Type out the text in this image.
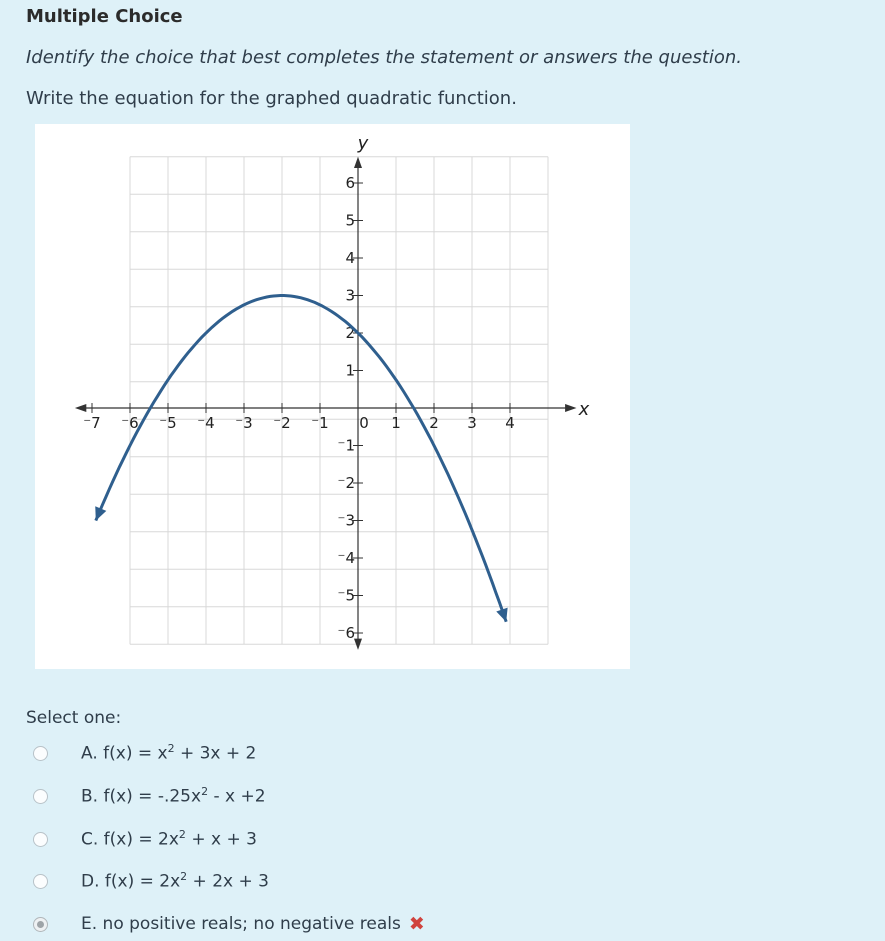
Multiple Choice
Identify the choice that best completes the statement or answers the question.
Write the equation for the graphed quadratic function.
⁻7 ⁻6 ⁻5 ⁻4 ⁻3 ⁻2 ⁻1 0 1 2 3 4
6
5
4
3
2
1
⁻1
⁻2
⁻3
⁻4
⁻5
⁻6
x
y
Select one:
A. $f(x) = x^2 + 3x + 2$
B. $f(x) = -.25x^2 - x +2$
C. $f(x) = 2x^2 + x + 3$
D. $f(x) = 2x^2 + 2x + 3$
E. no positive reals; no negative reals ✖
